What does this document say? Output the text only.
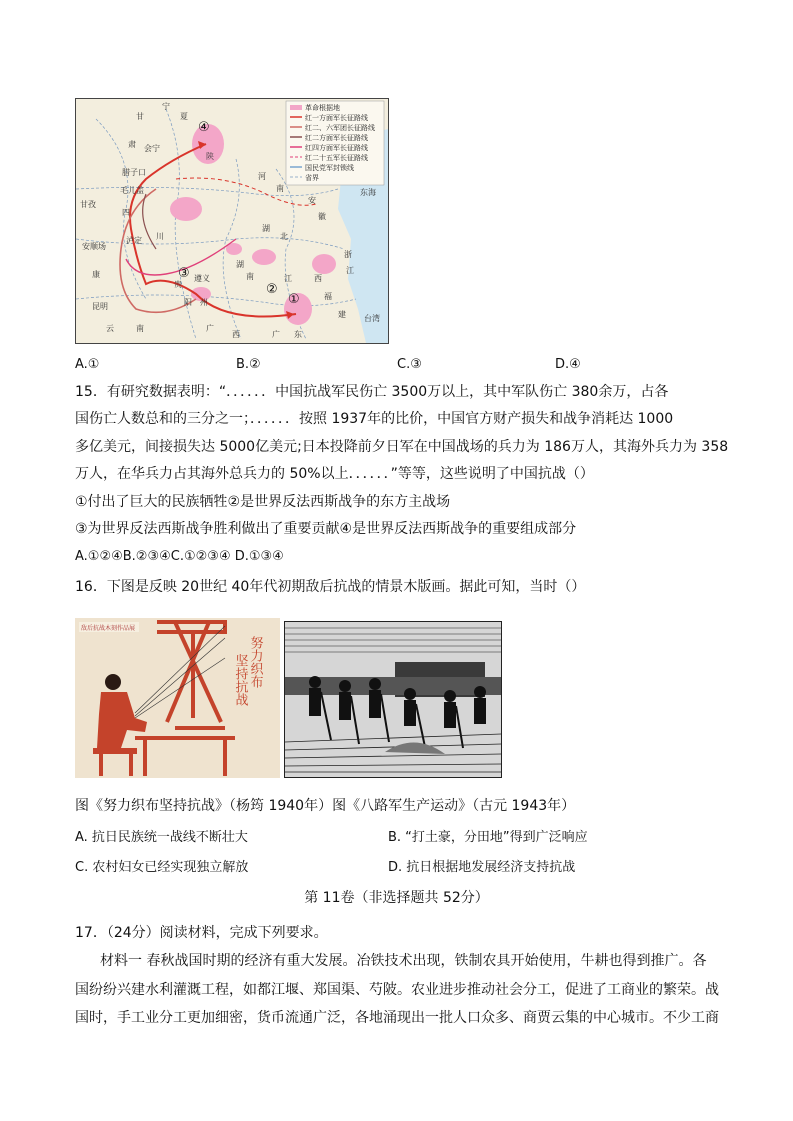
革命根据地
红一方面军长征路线
红二、六军团长征路线
红二方面军长征路线
红四方面军长征路线
红二十五军长征路线
国民党军封锁线
省界
宁
甘
肃
夏
陕
会宁
腊子口
毛儿盖
甘孜
安顺场
泸定
四
川
河
南
湖
北
江	西
湖
南
安
徽
浙
江
福
建
贵
阳 州
遵义
云	南	广
西	广 东
康
台湾
东海
昆明
④
③
②
①
A.①	B.②	C.③	D.④
15．有研究数据表明：“．．．．．．中国抗战军民伤亡 3500万以上，其中军队伤亡 380余万，占各
国伤亡人数总和的三分之一；．．．．．．按照 1937年的比价，中国官方财产损失和战争消耗达 1000
多亿美元，间接损失达 5000亿美元;日本投降前夕日军在中国战场的兵力为 186万人，其海外兵力为 358
万人，在华兵力占其海外总兵力的 50%以上．．．．．．”等等，这些说明了中国抗战（）
①付出了巨大的民族牺牲②是世界反法西斯战争的东方主战场
③为世界反法西斯战争胜利做出了重要贡献④是世界反法西斯战争的重要组成部分
A.①②④B.②③④C.①②③④ D.①③④
16．下图是反映 20世纪 40年代初期敌后抗战的情景木版画。据此可知，当时（）
敌后抗战木刻作品展
努力织布
坚持抗战
图《努力织布坚持抗战》（杨筠 1940年）图《八路军生产运动》（古元 1943年）
A. 抗日民族统一战线不断壮大	B. “打土豪，分田地”得到广泛响应
C. 农村妇女已经实现独立解放	D. 抗日根据地发展经济支持抗战
第 11卷（非选择题共 52分）
17．（24分）阅读材料，完成下列要求。
材料一 春秋战国时期的经济有重大发展。冶铁技术出现，铁制农具开始使用，牛耕也得到推广。各
国纷纷兴建水利灌溉工程，如都江堰、郑国渠、芍陂。农业进步推动社会分工，促进了工商业的繁荣。战
国时，手工业分工更加细密，货币流通广泛，各地涌现出一批人口众多、商贾云集的中心城市。不少工商
